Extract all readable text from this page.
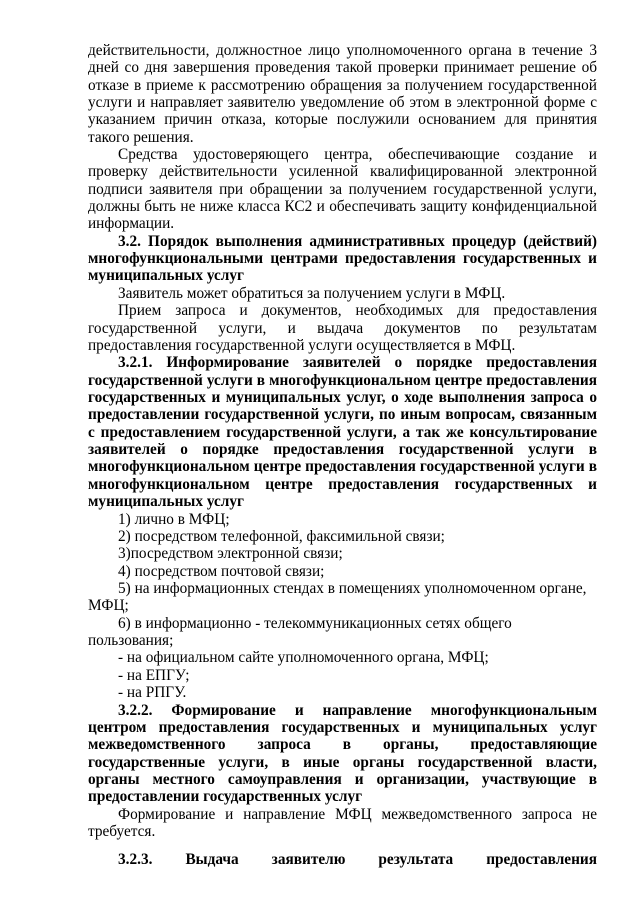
действительности, должностное лицо уполномоченного органа в течение 3

дней со дня завершения проведения такой проверки принимает решение об

отказе в приеме к рассмотрению обращения за получением государственной

услуги и направляет заявителю уведомление об этом в электронной форме с

указанием причин отказа, которые послужили основанием для принятия

такого решения.

Средства удостоверяющего центра, обеспечивающие создание и

проверку действительности усиленной квалифицированной электронной

подписи заявителя при обращении за получением государственной услуги,

должны быть не ниже класса КС2 и обеспечивать защиту конфиденциальной

информации.

3.2. Порядок выполнения административных процедур (действий)

многофункциональными центрами предоставления государственных и

муниципальных услуг

Заявитель может обратиться за получением услуги в МФЦ.

Прием запроса и документов, необходимых для предоставления

государственной услуги, и выдача документов по результатам

предоставления государственной услуги осуществляется в МФЦ.

3.2.1. Информирование заявителей о порядке предоставления

государственной услуги в многофункциональном центре предоставления

государственных и муниципальных услуг, о ходе выполнения запроса о

предоставлении государственной услуги, по иным вопросам, связанным

с предоставлением государственной услуги, а так же консультирование

заявителей о порядке предоставления государственной услуги в

многофункциональном центре предоставления государственной услуги в

многофункциональном центре предоставления государственных и

муниципальных услуг

1) лично в МФЦ;

2) посредством телефонной, факсимильной связи;

3)посредством электронной связи;

4) посредством почтовой связи;

5) на информационных стендах в помещениях уполномоченном органе,

МФЦ;

6) в информационно - телекоммуникационных сетях общего

пользования;

- на официальном сайте уполномоченного органа, МФЦ;

- на ЕПГУ;

- на РПГУ.

3.2.2. Формирование и направление многофункциональным

центром предоставления государственных и муниципальных услуг

межведомственного запроса в органы, предоставляющие

государственные услуги, в иные органы государственной власти,

органы местного самоуправления и организации, участвующие в

предоставлении государственных услуг

Формирование и направление МФЦ межведомственного запроса не

требуется.

3.2.3. Выдача заявителю результата предоставления
